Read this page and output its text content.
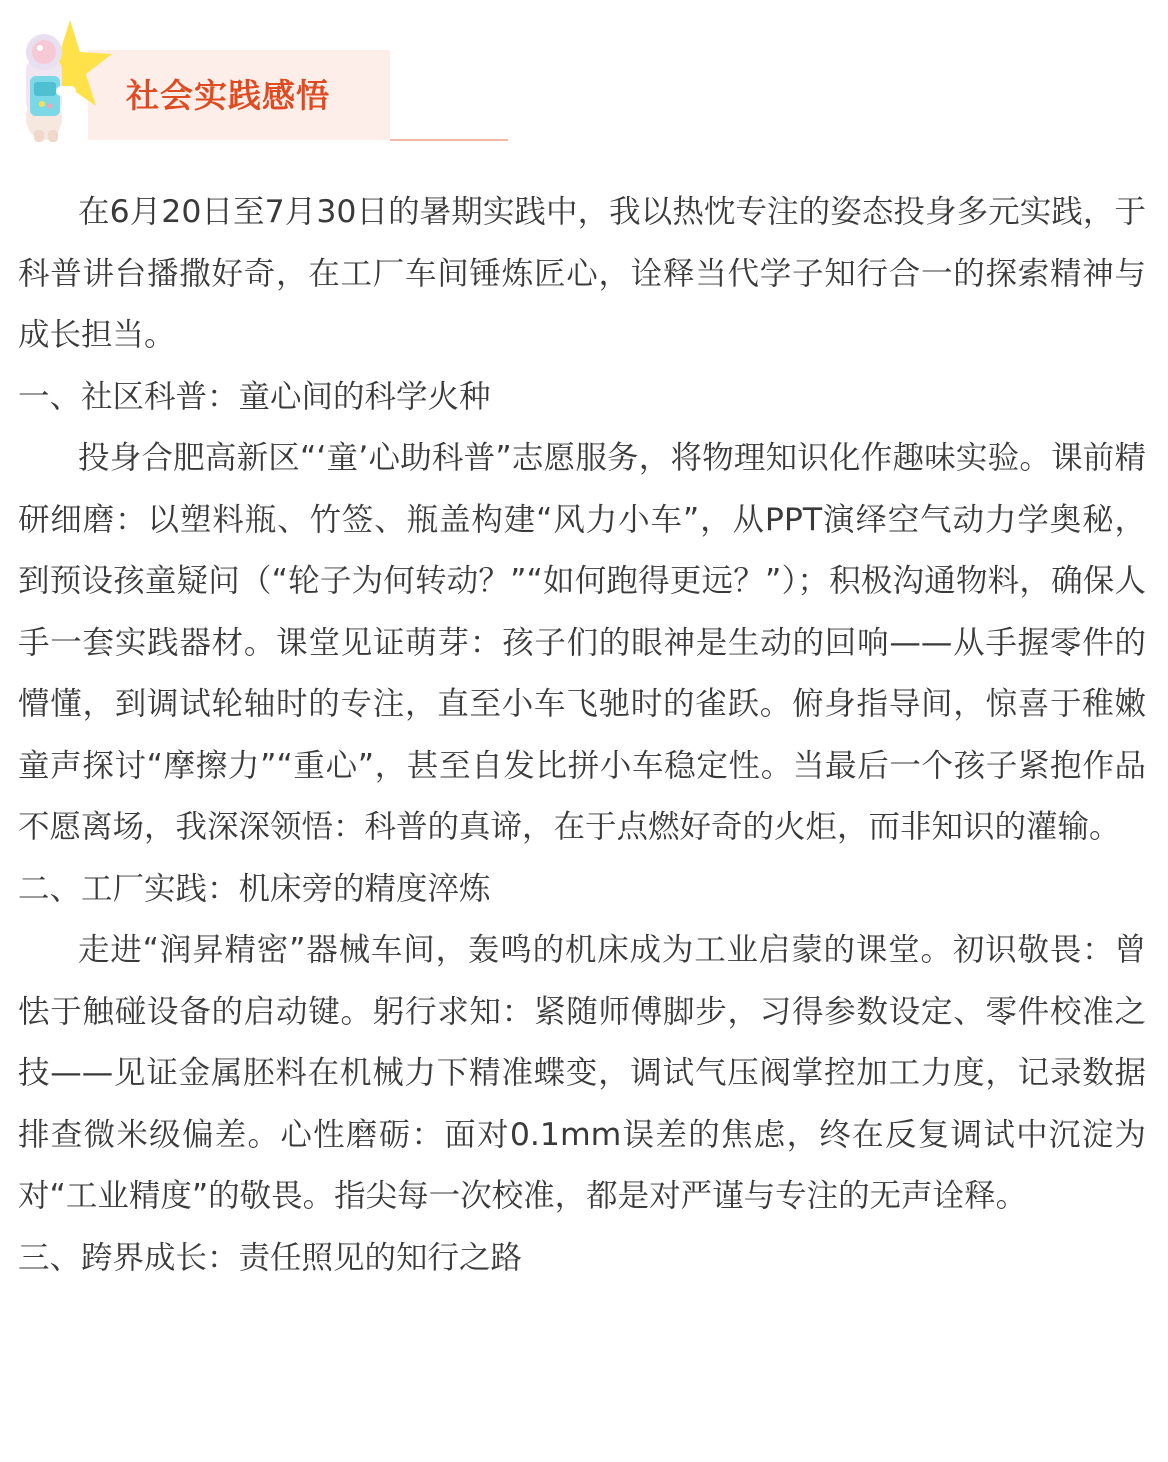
社会实践感悟

在6月20日至7月30日的暑期实践中，我以热忱专注的姿态投身多元实践，于科普讲台播撒好奇，在工厂车间锤炼匠心，诠释当代学子知行合一的探索精神与成长担当。

一、社区科普：童心间的科学火种

投身合肥高新区“‘童’心助科普”志愿服务，将物理知识化作趣味实验。课前精研细磨：以塑料瓶、竹签、瓶盖构建“风力小车”，从PPT演绎空气动力学奥秘，到预设孩童疑问（“轮子为何转动？”“如何跑得更远？”）；积极沟通物料，确保人手一套实践器材。课堂见证萌芽：孩子们的眼神是生动的回响——从手握零件的懵懂，到调试轮轴时的专注，直至小车飞驰时的雀跃。俯身指导间，惊喜于稚嫩童声探讨“摩擦力”“重心”，甚至自发比拼小车稳定性。当最后一个孩子紧抱作品不愿离场，我深深领悟：科普的真谛，在于点燃好奇的火炬，而非知识的灌输。

二、工厂实践：机床旁的精度淬炼

走进“润昇精密”器械车间，轰鸣的机床成为工业启蒙的课堂。初识敬畏：曾怯于触碰设备的启动键。躬行求知：紧随师傅脚步，习得参数设定、零件校准之技——见证金属胚料在机械力下精准蝶变，调试气压阀掌控加工力度，记录数据排查微米级偏差。心性磨砺：面对0.1mm误差的焦虑，终在反复调试中沉淀为对“工业精度”的敬畏。指尖每一次校准，都是对严谨与专注的无声诠释。

三、跨界成长：责任照见的知行之路
